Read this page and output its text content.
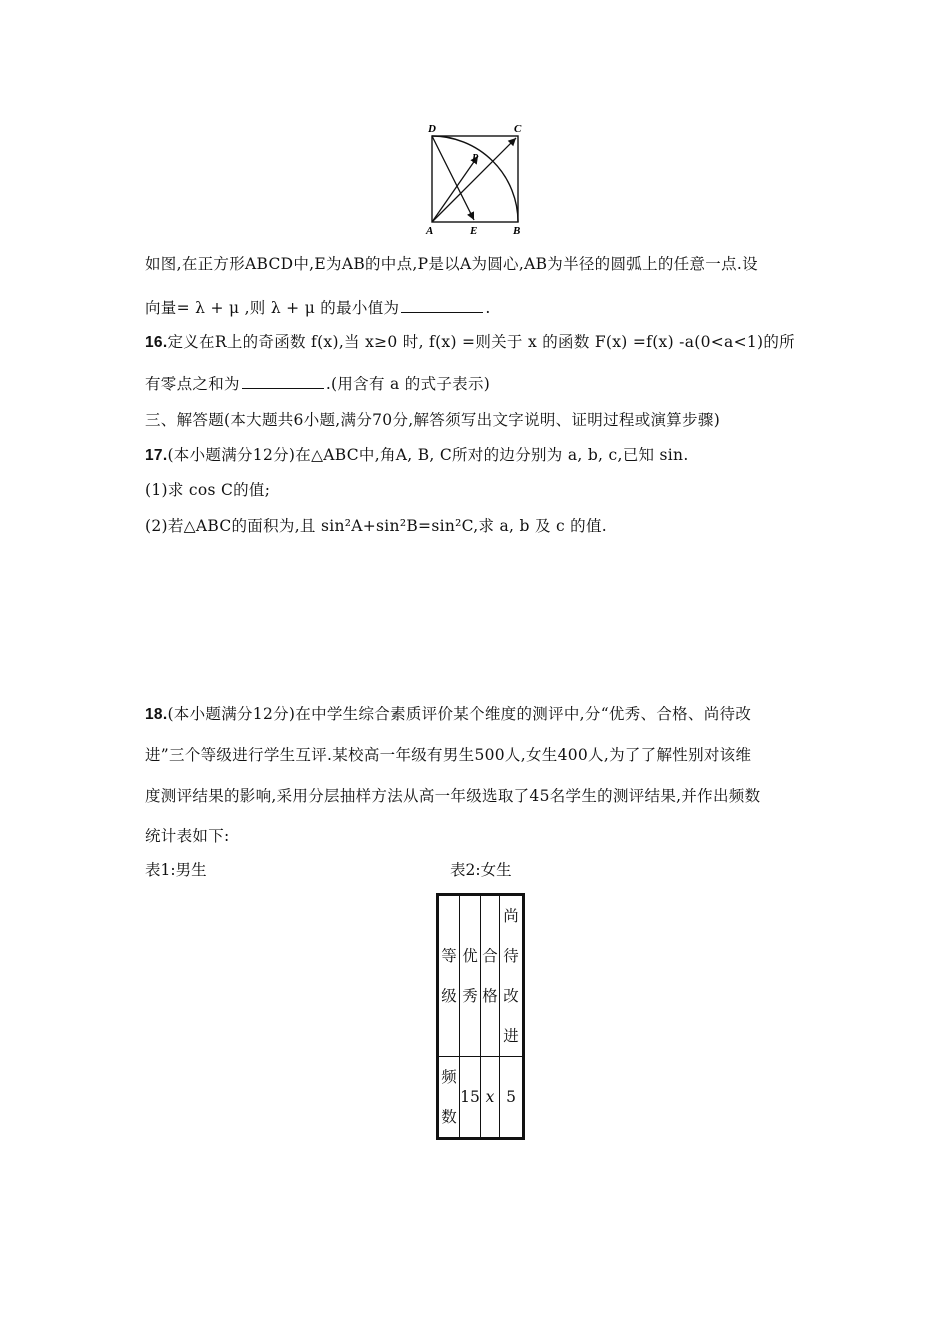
D	C
P
A	E	B
如图,在正方形ABCD中,E为AB的中点,P是以A为圆心,AB为半径的圆弧上的任意一点.设
向量= λ + μ ,则 λ + μ 的最小值为	.
16.定义在R上的奇函数 f(x),当 x≥0 时, f(x) =则关于 x 的函数 F(x) =f(x) -a(0<a<1)的所
有零点之和为	.(用含有 a 的式子表示)
三、解答题(本大题共6小题,满分70分,解答须写出文字说明、证明过程或演算步骤)
17.(本小题满分12分)在△ABC中,角A, B, C所对的边分别为 a, b, c,已知 sin.
(1)求 cos C的值;
(2)若△ABC的面积为,且 sin²A+sin²B=sin²C,求 a, b 及 c 的值.
18.(本小题满分12分)在中学生综合素质评价某个维度的测评中,分“优秀、合格、尚待改
进”三个等级进行学生互评.某校高一年级有男生500人,女生400人,为了了解性别对该维
度测评结果的影响,采用分层抽样方法从高一年级选取了45名学生的测评结果,并作出频数
统计表如下:
表1:男生	表2:女生
等级	优秀	合格	尚待改进

频数	15	x	5
